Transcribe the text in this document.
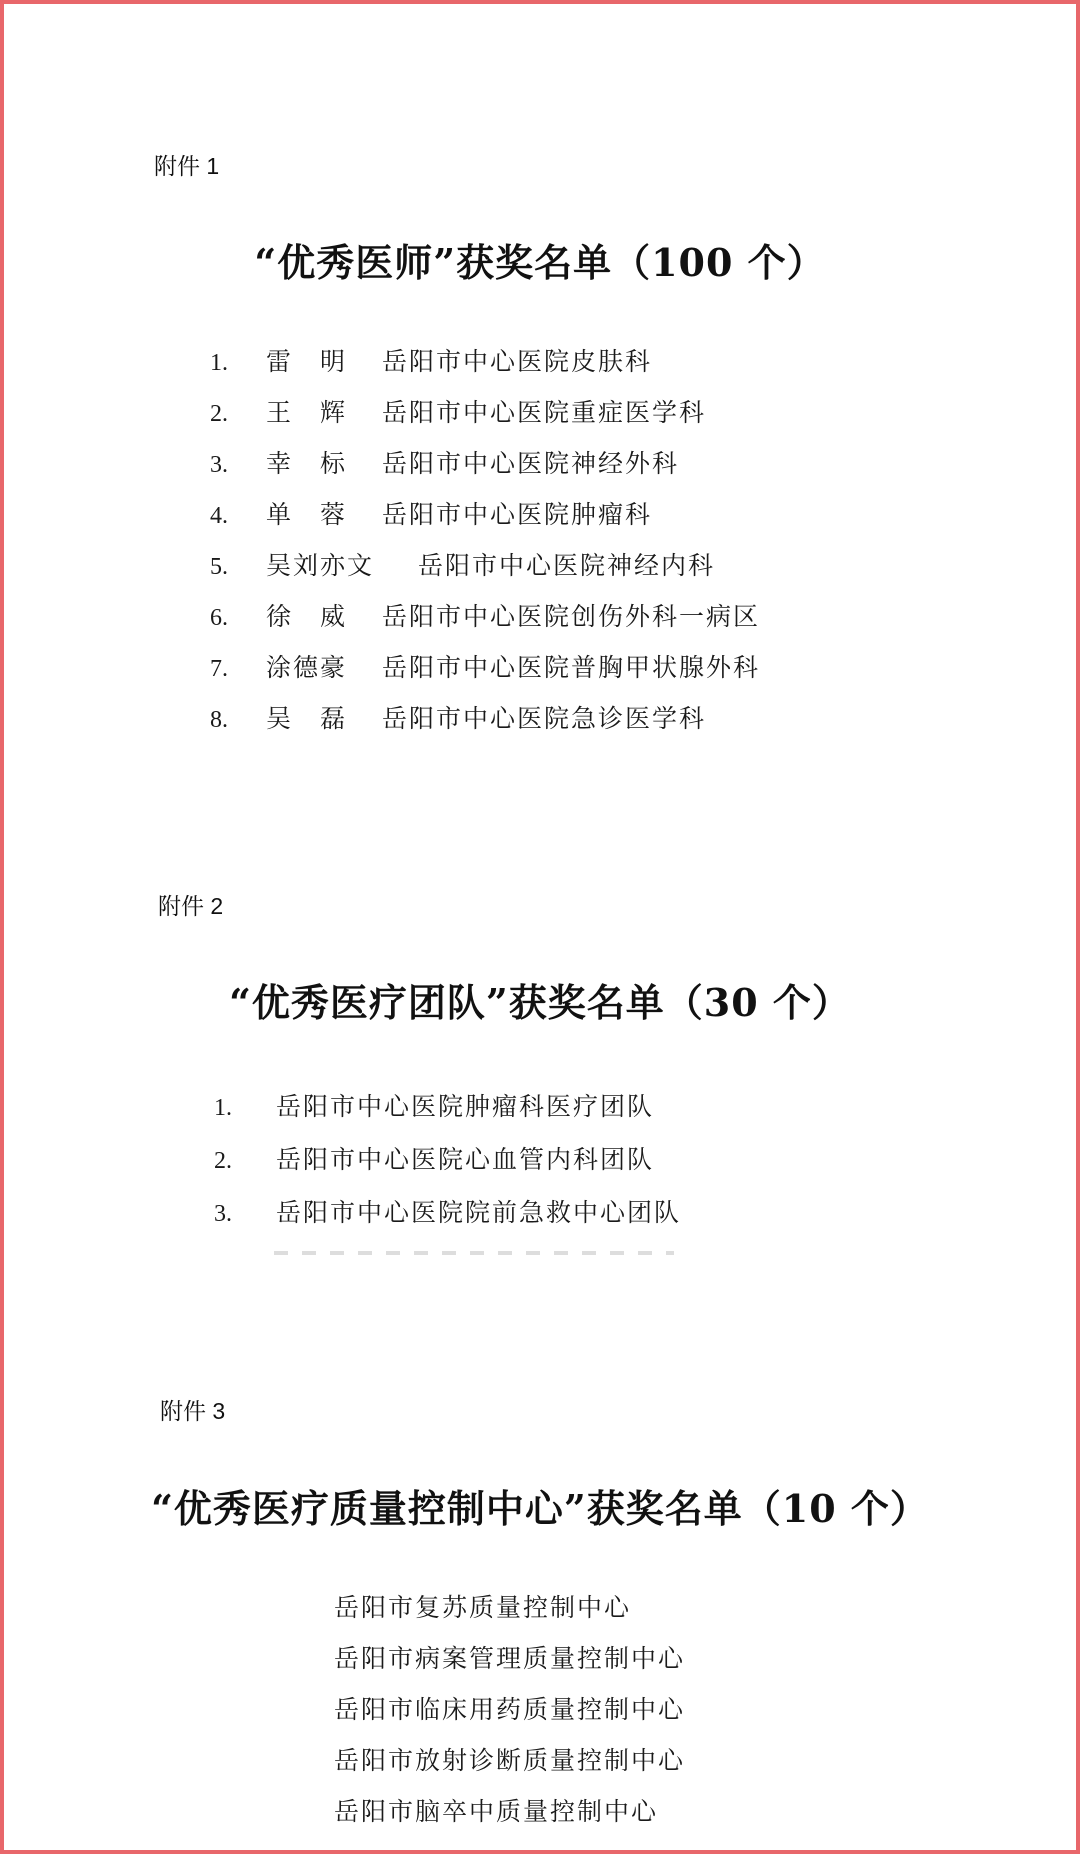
附件 1
“优秀医师”获奖名单（100 个）
1. 雷　明 岳阳市中心医院皮肤科
2. 王　辉 岳阳市中心医院重症医学科
3. 幸　标 岳阳市中心医院神经外科
4. 单　蓉 岳阳市中心医院肿瘤科
5. 吴刘亦文 岳阳市中心医院神经内科
6. 徐　威 岳阳市中心医院创伤外科一病区
7. 涂德豪 岳阳市中心医院普胸甲状腺外科
8. 吴　磊 岳阳市中心医院急诊医学科
附件 2
“优秀医疗团队”获奖名单（30 个）
1. 岳阳市中心医院肿瘤科医疗团队
2. 岳阳市中心医院心血管内科团队
3. 岳阳市中心医院院前急救中心团队
附件 3
“优秀医疗质量控制中心”获奖名单（10 个）
岳阳市复苏质量控制中心
岳阳市病案管理质量控制中心
岳阳市临床用药质量控制中心
岳阳市放射诊断质量控制中心
岳阳市脑卒中质量控制中心
